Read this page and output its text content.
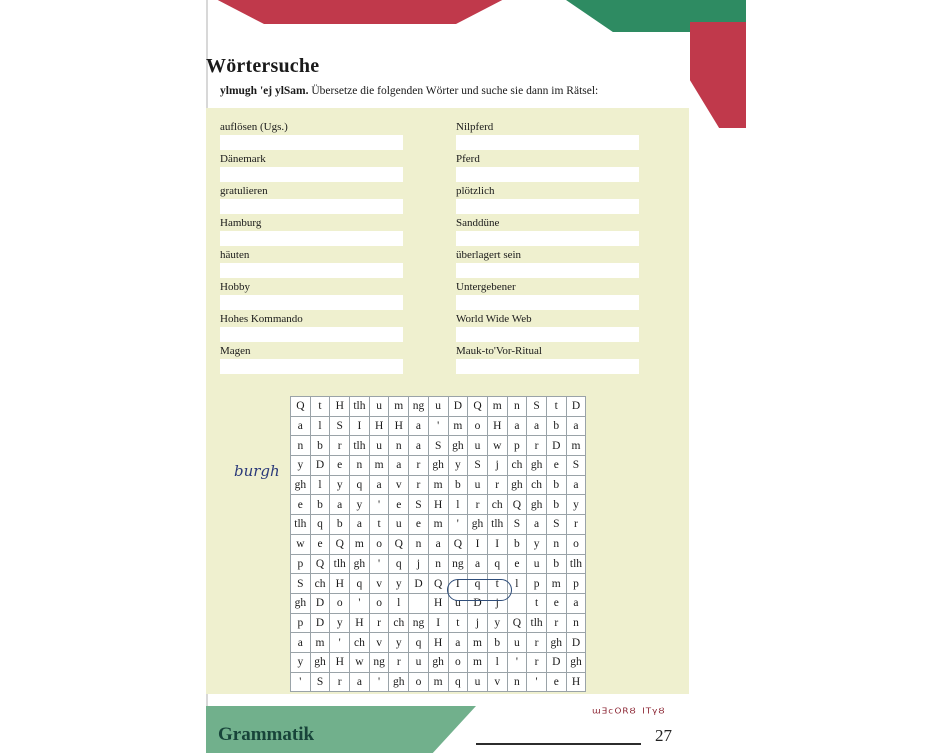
Wörtersuche
ylmugh 'ej ylSam. Übersetze die folgenden Wörter und suche sie dann im Rätsel:
auflösen (Ugs.)
Dänemark
gratulieren
Hamburg
häuten
Hobby
Hohes Kommando
Magen
Nilpferd
Pferd
plötzlich
Sanddüne
überlagert sein
Untergebener
World Wide Web
Mauk-to'Vor-Ritual
burgh
Q	t	H	tlh	u	m	ng	u	D	Q	m	n	S	t	D
a	l	S	I	H	H	a	'	m	o	H	a	a	b	a
n	b	r	tlh	u	n	a	S	gh	u	w	p	r	D	m
y	D	e	n	m	a	r	gh	y	S	j	ch	gh	e	S
gh	l	y	q	a	v	r	m	b	u	r	gh	ch	b	a
e	b	a	y	'	e	S	H	l	r	ch	Q	gh	b	y
tlh	q	b	a	t	u	e	m	'	gh	tlh	S	a	S	r
w	e	Q	m	o	Q	n	a	Q	I	I	b	y	n	o
p	Q	tlh	gh	'	q	j	n	ng	a	q	e	u	b	tlh
S	ch	H	q	v	y	D	Q	I	q	t	l	p	m	p
gh	D	o	'	o	l		H	u	D	j		t	e	a
p	D	y	H	r	ch	ng	I	t	j	y	Q	tlh	r	n
a	m	'	ch	v	y	q	H	a	m	b	u	r	gh	D
y	gh	H	w	ng	r	u	gh	o	m	l	'	r	D	gh
'	S	r	a	'	gh	o	m	q	u	v	n	'	e	H
Grammatik
ᵚᴲᶜᴼᴿᴽ ᴵᵀᵞᴽ
27
